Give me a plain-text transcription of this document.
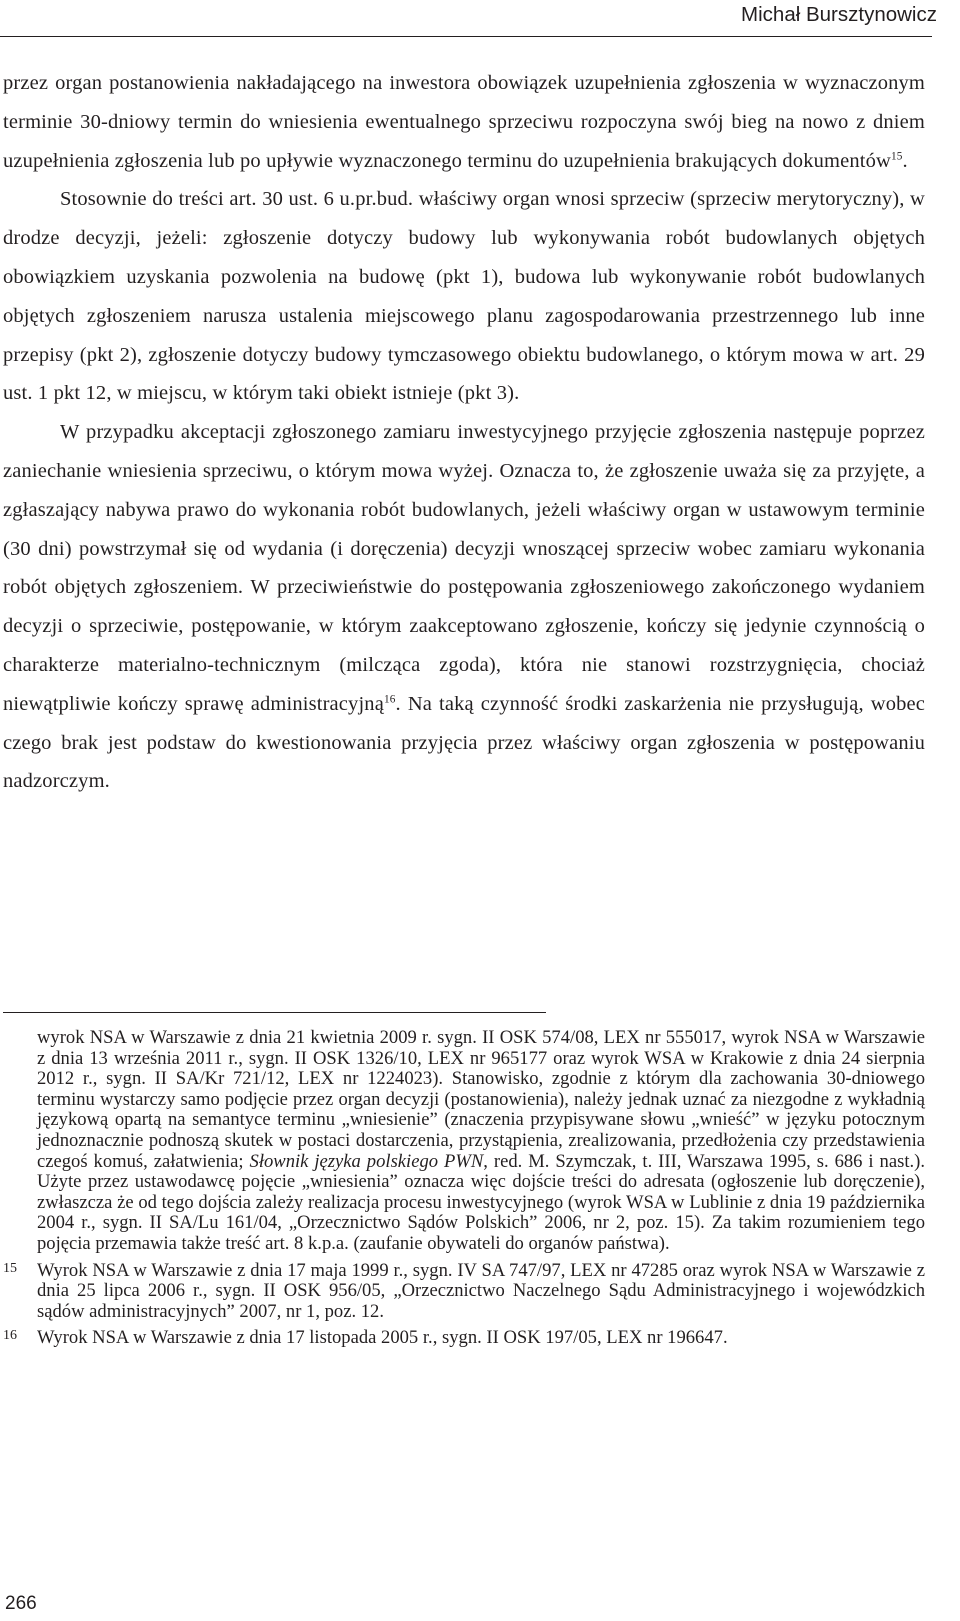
Michał Bursztynowicz

przez organ postanowienia nakładającego na inwestora obowiązek uzupełnienia zgłoszenia w wyznaczonym terminie 30-dniowy termin do wniesienia ewentualnego sprzeciwu rozpoczyna swój bieg na nowo z dniem uzupełnienia zgłoszenia lub po upływie wyznaczonego terminu do uzupełnienia brakujących dokumentów$^{15}$.

Stosownie do treści art. 30 ust. 6 u.pr.bud. właściwy organ wnosi sprzeciw (sprzeciw merytoryczny), w drodze decyzji, jeżeli: zgłoszenie dotyczy budowy lub wykonywania robót budowlanych objętych obowiązkiem uzyskania pozwolenia na budowę (pkt 1), budowa lub wykonywanie robót budowlanych objętych zgłoszeniem narusza ustalenia miejscowego planu zagospodarowania przestrzennego lub inne przepisy (pkt 2), zgłoszenie dotyczy budowy tymczasowego obiektu budowlanego, o którym mowa w art. 29 ust. 1 pkt 12, w miejscu, w którym taki obiekt istnieje (pkt 3).

W przypadku akceptacji zgłoszonego zamiaru inwestycyjnego przyjęcie zgłoszenia następuje poprzez zaniechanie wniesienia sprzeciwu, o którym mowa wyżej. Oznacza to, że zgłoszenie uważa się za przyjęte, a zgłaszający nabywa prawo do wykonania robót budowlanych, jeżeli właściwy organ w ustawowym terminie (30 dni) powstrzymał się od wydania (i doręczenia) decyzji wnoszącej sprzeciw wobec zamiaru wykonania robót objętych zgłoszeniem. W przeciwieństwie do postępowania zgłoszeniowego zakończonego wydaniem decyzji o sprzeciwie, postępowanie, w którym zaakceptowano zgłoszenie, kończy się jedynie czynnością o charakterze materialno-technicznym (milcząca zgoda), która nie stanowi rozstrzygnięcia, chociaż niewątpliwie kończy sprawę administracyjną$^{16}$. Na taką czynność środki zaskarżenia nie przysługują, wobec czego brak jest podstaw do kwestionowania przyjęcia przez właściwy organ zgłoszenia w postępowaniu nadzorczym.

wyrok NSA w Warszawie z dnia 21 kwietnia 2009 r. sygn. II OSK 574/08, LEX nr 555017, wyrok NSA w Warszawie z dnia 13 września 2011 r., sygn. II OSK 1326/10, LEX nr 965177 oraz wyrok WSA w Krakowie z dnia 24 sierpnia 2012 r., sygn. II SA/Kr 721/12, LEX nr 1224023). Stanowisko, zgodnie z którym dla zachowania 30-dniowego terminu wystarczy samo podjęcie przez organ decyzji (postanowienia), należy jednak uznać za niezgodne z wykładnią językową opartą na semantyce terminu „wniesienie” (znaczenia przypisywane słowu „wnieść” w języku potocznym jednoznacznie podnoszą skutek w postaci dostarczenia, przystąpienia, zrealizowania, przedłożenia czy przedstawienia czegoś komuś, załatwienia; Słownik języka polskiego PWN, red. M. Szymczak, t. III, Warszawa 1995, s. 686 i nast.). Użyte przez ustawodawcę pojęcie „wniesienia” oznacza więc dojście treści do adresata (ogłoszenie lub doręczenie), zwłaszcza że od tego dojścia zależy realizacja procesu inwestycyjnego (wyrok WSA w Lublinie z dnia 19 października 2004 r., sygn. II SA/Lu 161/04, „Orzecznictwo Sądów Polskich” 2006, nr 2, poz. 15). Za takim rozumieniem tego pojęcia przemawia także treść art. 8 k.p.a. (zaufanie obywateli do organów państwa).
15 Wyrok NSA w Warszawie z dnia 17 maja 1999 r., sygn. IV SA 747/97, LEX nr 47285 oraz wyrok NSA w Warszawie z dnia 25 lipca 2006 r., sygn. II OSK 956/05, „Orzecznictwo Naczelnego Sądu Administracyjnego i wojewódzkich sądów administracyjnych” 2007, nr 1, poz. 12.
16 Wyrok NSA w Warszawie z dnia 17 listopada 2005 r., sygn. II OSK 197/05, LEX nr 196647.
266
